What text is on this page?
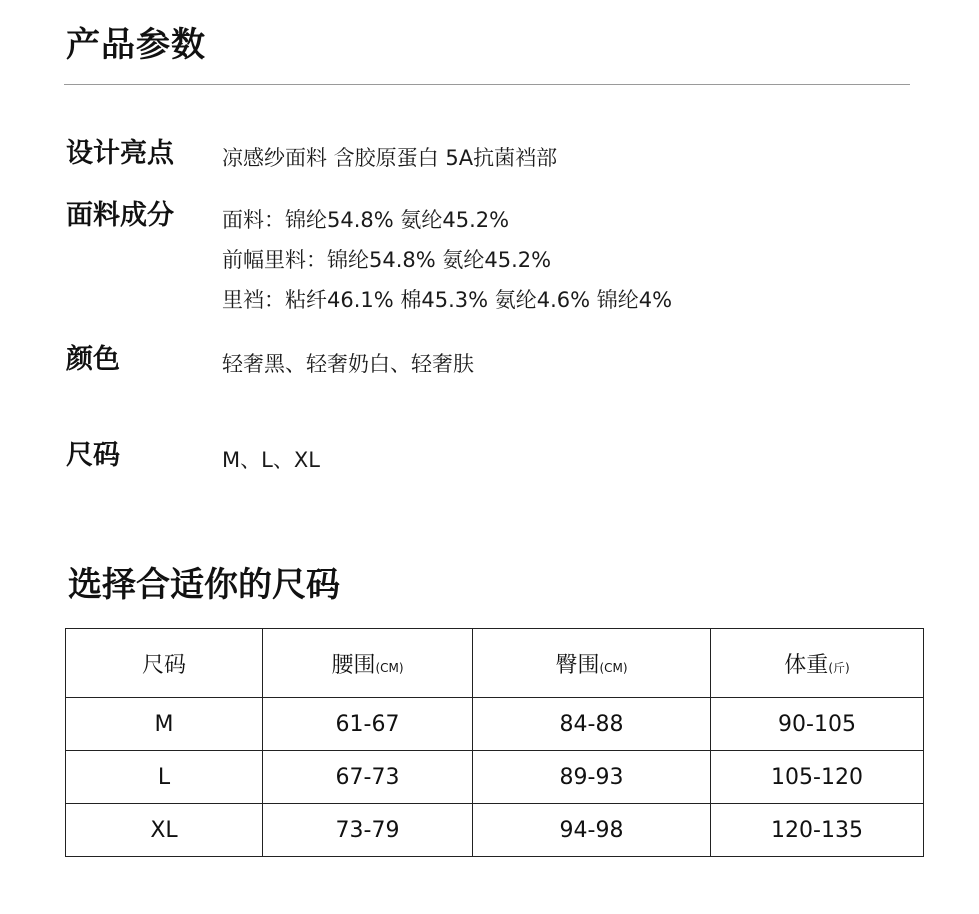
产品参数
设计亮点 凉感纱面料 含胶原蛋白 5A抗菌裆部
面料成分 面料：锦纶54.8% 氨纶45.2%
前幅里料：锦纶54.8% 氨纶45.2%
里裆：粘纤46.1% 棉45.3% 氨纶4.6% 锦纶4%
颜色	轻奢黑、轻奢奶白、轻奢肤
尺码	M、L、XL
选择合适你的尺码
尺码	腰围(CM)	臀围(CM)	体重(斤)
M	61-67	84-88	90-105
L	67-73	89-93	105-120
XL	73-79	94-98	120-135
